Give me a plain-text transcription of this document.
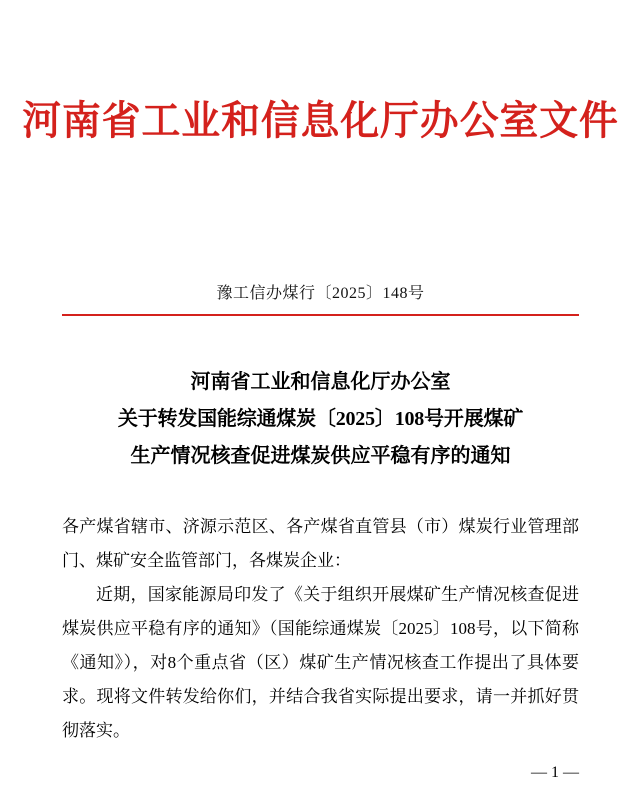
河南省工业和信息化厅办公室文件
豫工信办煤行〔2025〕148号
河南省工业和信息化厅办公室
关于转发国能综通煤炭〔2025〕108号开展煤矿
生产情况核查促进煤炭供应平稳有序的通知

各产煤省辖市、济源示范区、各产煤省直管县（市）煤炭行业管理部门、煤矿安全监管部门，各煤炭企业：

近期，国家能源局印发了《关于组织开展煤矿生产情况核查促进煤炭供应平稳有序的通知》（国能综通煤炭〔2025〕108号，以下简称《通知》），对8个重点省（区）煤矿生产情况核查工作提出了具体要求。现将文件转发给你们，并结合我省实际提出要求，请一并抓好贯彻落实。

— 1 —
